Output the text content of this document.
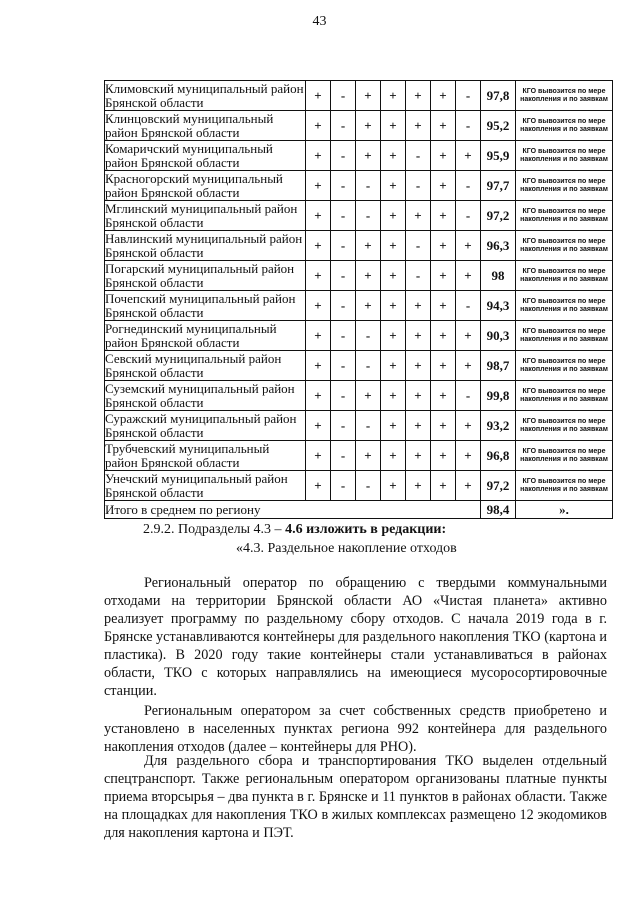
43
Климовский муниципальный район Брянской области	+	-	+	+	+	+	-	97,8	КГО вывозится по мере накопления и по заявкам
Клинцовский муниципальный район Брянской области	+	-	+	+	+	+	-	95,2	КГО вывозится по мере накопления и по заявкам
Комаричский муниципальный район Брянской области	+	-	+	+	-	+	+	95,9	КГО вывозится по мере накопления и по заявкам
Красногорский муниципальный район Брянской области	+	-	-	+	-	+	-	97,7	КГО вывозится по мере накопления и по заявкам
Мглинский муниципальный район Брянской области	+	-	-	+	+	+	-	97,2	КГО вывозится по мере накопления и по заявкам
Навлинский муниципальный район Брянской области	+	-	+	+	-	+	+	96,3	КГО вывозится по мере накопления и по заявкам
Погарский муниципальный район Брянской области	+	-	+	+	-	+	+	98	КГО вывозится по мере накопления и по заявкам
Почепский муниципальный район Брянской области	+	-	+	+	+	+	-	94,3	КГО вывозится по мере накопления и по заявкам
Рогнединский муниципальный район Брянской области	+	-	-	+	+	+	+	90,3	КГО вывозится по мере накопления и по заявкам
Севский муниципальный район Брянской области	+	-	-	+	+	+	+	98,7	КГО вывозится по мере накопления и по заявкам
Суземский муниципальный район Брянской области	+	-	+	+	+	+	-	99,8	КГО вывозится по мере накопления и по заявкам
Суражский муниципальный район Брянской области	+	-	-	+	+	+	+	93,2	КГО вывозится по мере накопления и по заявкам
Трубчевский муниципальный район Брянской области	+	-	+	+	+	+	+	96,8	КГО вывозится по мере накопления и по заявкам
Унечский муниципальный район Брянской области	+	-	-	+	+	+	+	97,2	КГО вывозится по мере накопления и по заявкам
Итого в среднем по региону								98,4	».
2.9.2. Подразделы 4.3 – 4.6 изложить в редакции:
«4.3. Раздельное накопление отходов

Региональный оператор по обращению с твердыми коммунальными отходами на территории Брянской области АО «Чистая планета» активно реализует программу по раздельному сбору отходов. С начала 2019 года в г. Брянске устанавливаются контейнеры для раздельного накопления ТКО (картона и пластика). В 2020 году такие контейнеры стали устанавливаться в районах области, ТКО с которых направлялись на имеющиеся мусоросортировочные станции.

Региональным оператором за счет собственных средств приобретено и установлено в населенных пунктах региона 992 контейнера для раздельного накопления отходов (далее – контейнеры для РНО).

Для раздельного сбора и транспортирования ТКО выделен отдельный спецтранспорт. Также региональным оператором организованы платные пункты приема вторсырья – два пункта в г. Брянске и 11 пунктов в районах области. Также на площадках для накопления ТКО в жилых комплексах размещено 12 экодомиков для накопления картона и ПЭТ.
